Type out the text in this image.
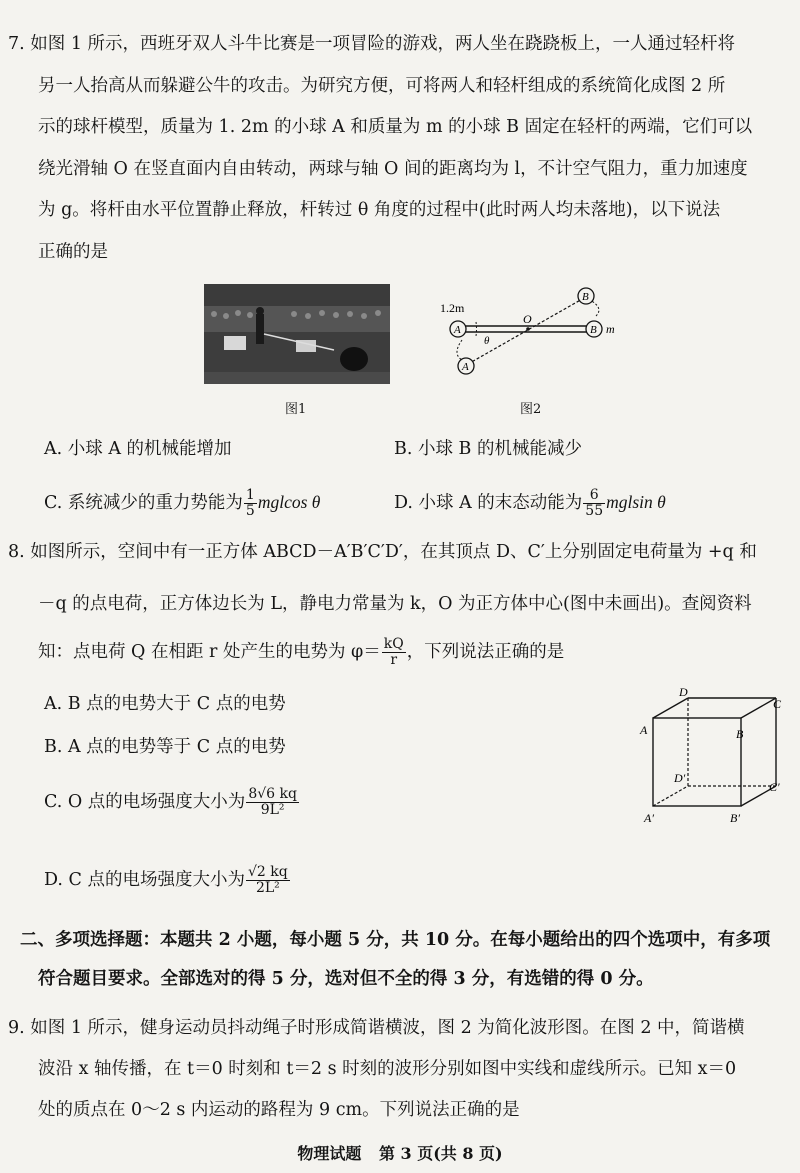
7. 如图 1 所示，西班牙双人斗牛比赛是一项冒险的游戏，两人坐在跷跷板上，一人通过轻杆将
另一人抬高从而躲避公牛的攻击。为研究方便，可将两人和轻杆组成的系统简化成图 2 所
示的球杆模型，质量为 1. 2m 的小球 A 和质量为 m 的小球 B 固定在轻杆的两端，它们可以
绕光滑轴 O 在竖直面内自由转动，两球与轴 O 间的距离均为 l，不计空气阻力，重力加速度
为 g。将杆由水平位置静止释放，杆转过 θ 角度的过程中(此时两人均未落地)，以下说法
正确的是
图1
1.2m
A	B
A
B
O
θ
m
图2
A. 小球 A 的机械能增加	B. 小球 B 的机械能减少
C. 系统减少的重力势能为 $\frac{1}{5}$ mglcos θ	D. 小球 A 的末态动能为 $\frac{6}{55}$ mglsin θ
8. 如图所示，空间中有一正方体 ABCD－A′B′C′D′，在其顶点 D、C′上分别固定电荷量为 +q 和
－q 的点电荷，正方体边长为 L，静电力常量为 k，O 为正方体中心(图中未画出)。查阅资料
知：点电荷 Q 在相距 r 处产生的电势为 $\varphi= \frac{kQ}{r}$ ，下列说法正确的是
A. B 点的电势大于 C 点的电势
B. A 点的电势等于 C 点的电势
C. O 点的电场强度大小为 $\frac{8√6 kq}{\text{9L²}}$
D. C 点的电场强度大小为 $\frac{√2 kq}{\text{2L²}}$
D
C
A	B
D′
C′
A′	B′
二、多项选择题：本题共 2 小题，每小题 5 分，共 10 分。在每小题给出的四个选项中，有多项
符合题目要求。全部选对的得 5 分，选对但不全的得 3 分，有选错的得 0 分。
9. 如图 1 所示，健身运动员抖动绳子时形成简谐横波，图 2 为简化波形图。在图 2 中，简谐横
波沿 x 轴传播，在 t＝0 时刻和 t＝2 s 时刻的波形分别如图中实线和虚线所示。已知 x＝0
处的质点在 0～2 s 内运动的路程为 9 cm。下列说法正确的是
物理试题 第 3 页(共 8 页)
